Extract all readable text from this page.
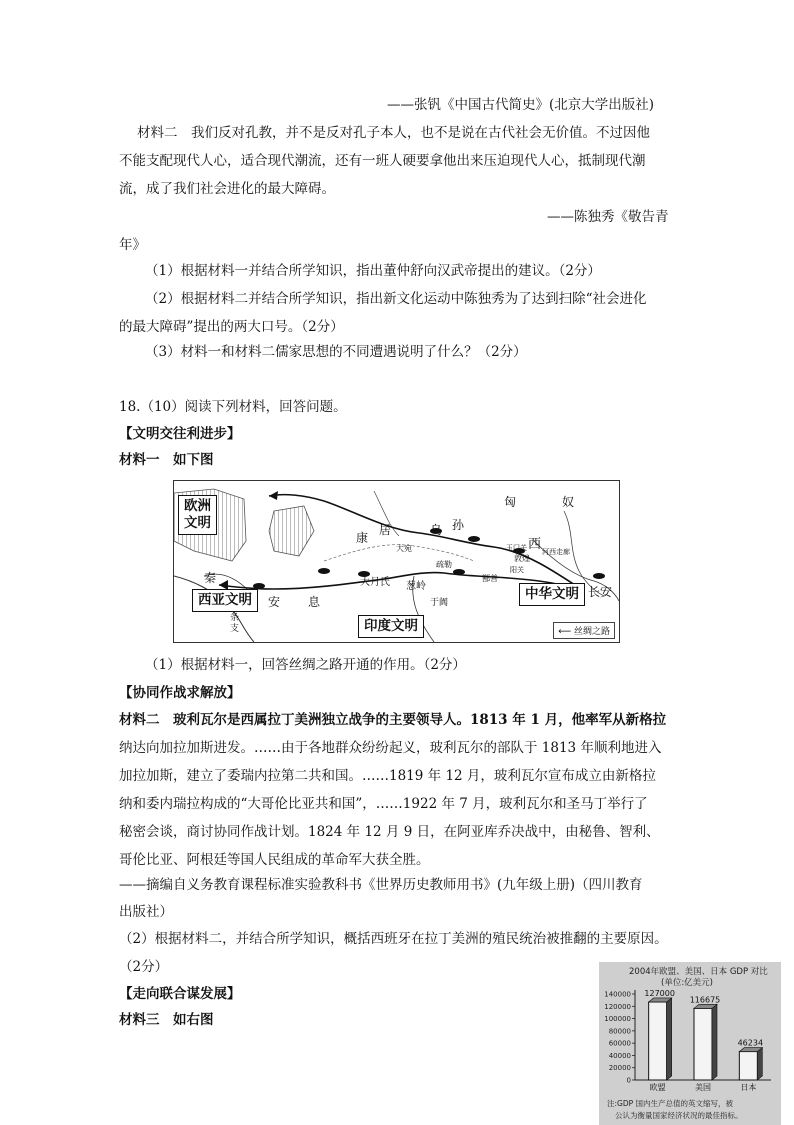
——张钒《中国古代简史》(北京大学出版社)
材料二　我们反对孔教，并不是反对孔子本人，也不是说在古代社会无价值。不过因他
不能支配现代人心，适合现代潮流，还有一班人硬要拿他出来压迫现代人心，抵制现代潮
流，成了我们社会进化的最大障碍。
——陈独秀《敬告青
年》
（1）根据材料一并结合所学知识，指出董仲舒向汉武帝提出的建议。（2分）
（2）根据材料二并结合所学知识，指出新文化运动中陈独秀为了达到扫除“社会进化
的最大障碍”提出的两大口号。（2分）
（3）材料一和材料二儒家思想的不同遭遇说明了什么？（2分）
18.（10）阅读下列材料，回答问题。
【文明交往利进步】
材料一　如下图
欧洲
文明
西亚文明
印度文明
中华文明
匈	奴
康
居	乌 孙
秦
安 息
条
支
大月氏
大宛
疏勒
葱岭
于阗
鄯善
敦煌
阳关
玉门关 河西走廊
西
长安
⟵ 丝绸之路
（1）根据材料一，回答丝绸之路开通的作用。（2分）
【协同作战求解放】
材料二　玻利瓦尔是西属拉丁美洲独立战争的主要领导人。1813 年 1 月，他率军从新格拉
纳达向加拉加斯进发。……由于各地群众纷纷起义，玻利瓦尔的部队于 1813 年顺利地进入
加拉加斯，建立了委瑞内拉第二共和国。……1819 年 12 月，玻利瓦尔宣布成立由新格拉
纳和委内瑞拉构成的“大哥伦比亚共和国”，……1922 年 7 月，玻利瓦尔和圣马丁举行了
秘密会谈，商讨协同作战计划。1824 年 12 月 9 日，在阿亚库乔决战中，由秘鲁、智利、
哥伦比亚、阿根廷等国人民组成的革命军大获全胜。
——摘编自义务教育课程标准实验教科书《世界历史教师用书》(九年级上册)（四川教育
出版社）
（2）根据材料二，并结合所学知识，概括西班牙在拉丁美洲的殖民统治被推翻的主要原因。
（2分）
【走向联合谋发展】
材料三　如右图
2004年欧盟、美国、日本 GDP 对比
(单位:亿美元)
0
20000
40000
60000
80000
100000
120000
140000 127000
欧盟
116675
美国
46234
日本
注:GDP 国内生产总值的英文缩写，被
公认为衡量国家经济状况的最佳指标。
